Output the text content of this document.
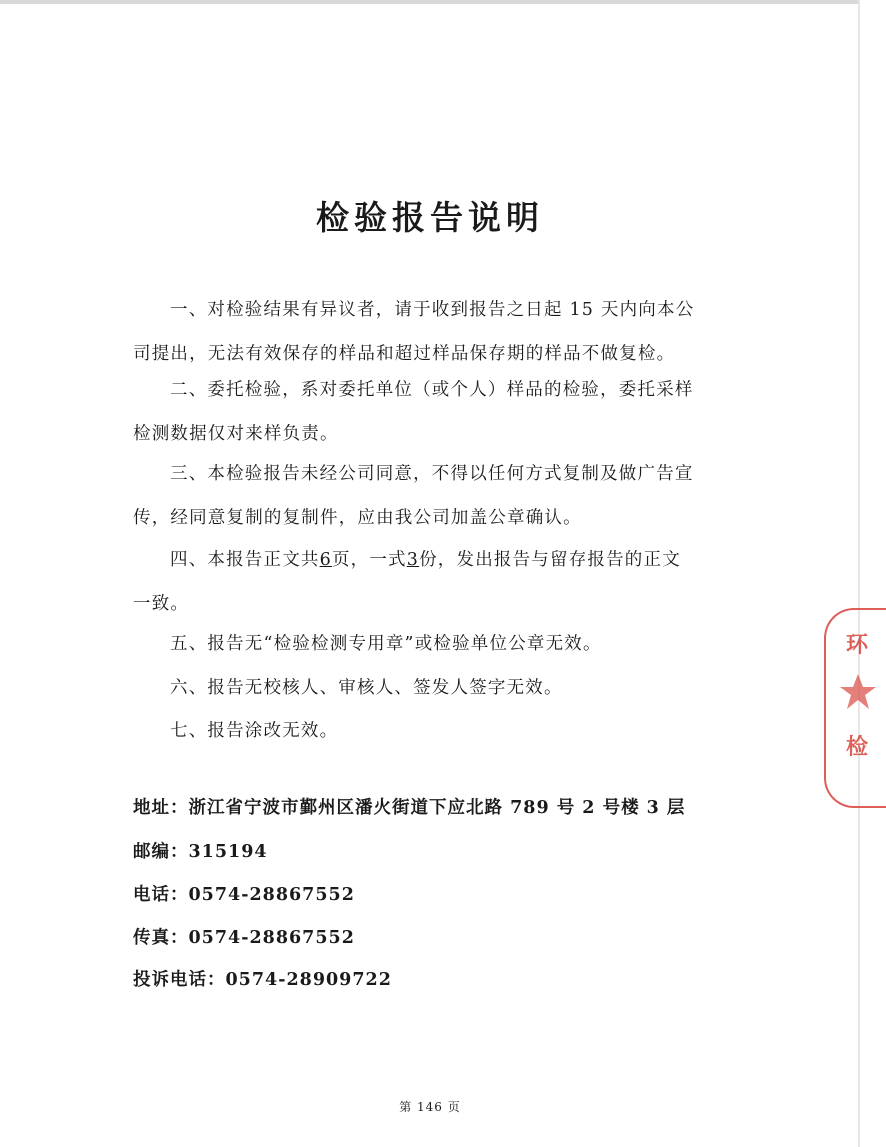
检验报告说明

一、对检验结果有异议者，请于收到报告之日起 15 天内向本公
司提出，无法有效保存的样品和超过样品保存期的样品不做复检。

二、委托检验，系对委托单位（或个人）样品的检验，委托采样
检测数据仅对来样负责。

三、本检验报告未经公司同意，不得以任何方式复制及做广告宣
传，经同意复制的复制件，应由我公司加盖公章确认。

四、本报告正文共6页，一式3份，发出报告与留存报告的正文
一致。

五、报告无“检验检测专用章”或检验单位公章无效。

六、报告无校核人、审核人、签发人签字无效。

七、报告涂改无效。

地址：浙江省宁波市鄞州区潘火街道下应北路 789 号 2 号楼 3 层
邮编：315194
电话：0574-28867552
传真：0574-28867552
投诉电话：0574-28909722
第 146 页
环
检
